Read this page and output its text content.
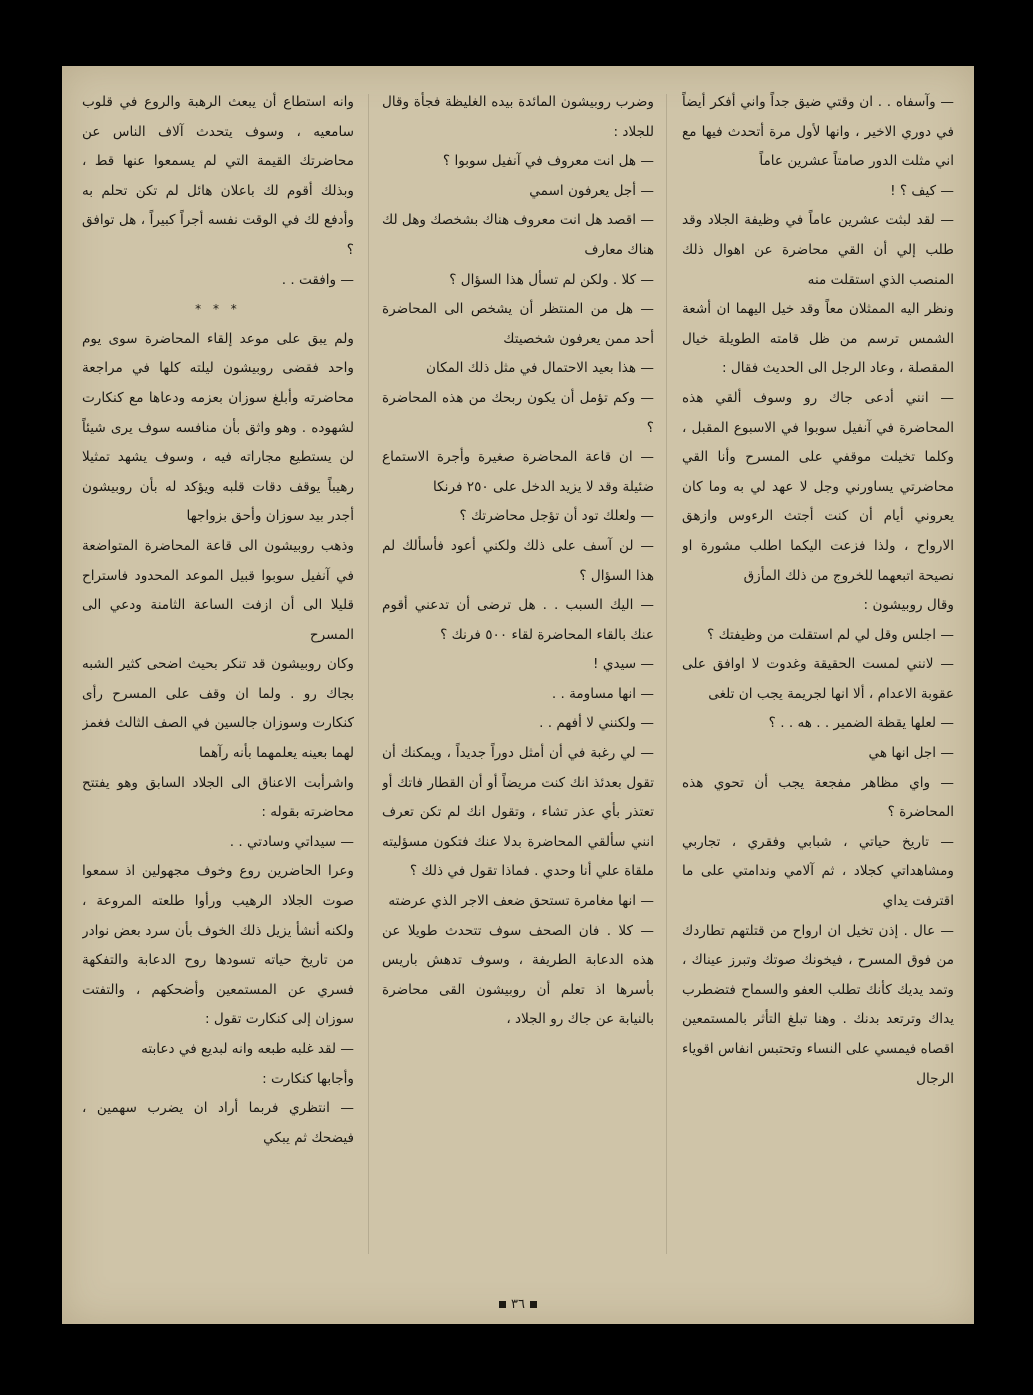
— وآسفاه . . ان وقتي ضيق جداً واني أفكر أيضاً في دوري الاخير ، وانها لأول مرة أتحدث فيها مع اني مثلت الدور صامتاً عشرين عاماً

— كيف ؟ !

— لقد لبثت عشرين عاماً في وظيفة الجلاد وقد طلب إلي أن القي محاضرة عن اهوال ذلك المنصب الذي استقلت منه

ونظر اليه الممثلان معاً وقد خيل اليهما ان أشعة الشمس ترسم من ظل قامته الطويلة خيال المقصلة ، وعاد الرجل الى الحديث فقال :

— انني أدعى جاك رو وسوف ألقي هذه المحاضرة في آنفيل سوبوا في الاسبوع المقبل ، وكلما تخيلت موقفي على المسرح وأنا القي محاضرتي يساورني وجل لا عهد لي به وما كان يعروني أيام أن كنت أجتث الرءوس وازهق الارواح ، ولذا فزعت اليكما اطلب مشورة او نصيحة اتبعهما للخروج من ذلك المأزق

وقال روبيشون :

— اجلس وقل لي لم استقلت من وظيفتك ؟

— لانني لمست الحقيقة وغدوت لا اوافق على عقوبة الاعدام ، ألا انها لجريمة يجب ان تلغى

— لعلها يقظة الضمير . . هه . . ؟

— اجل انها هي

— واي مظاهر مفجعة يجب أن تحوي هذه المحاضرة ؟

— تاريخ حياتي ، شبابي وفقري ، تجاربي ومشاهداتي كجلاد ، ثم آلامي وندامتي على ما اقترفت يداي

— عال . إذن تخيل ان ارواح من قتلتهم تطاردك من فوق المسرح ، فيخونك صوتك وتبرز عيناك ، وتمد يديك كأنك تطلب العفو والسماح فتضطرب يداك وترتعد بدنك . وهنا تبلغ التأثر بالمستمعين اقصاه فيمسي على النساء وتحتبس انفاس اقوياء الرجال

وضرب روبيشون المائدة بيده الغليظة فجأة وقال للجلاد :

— هل انت معروف في آنفيل سوبوا ؟

— أجل يعرفون اسمي

— اقصد هل انت معروف هناك بشخصك وهل لك هناك معارف

— كلا . ولكن لم تسأل هذا السؤال ؟

— هل من المنتظر أن يشخص الى المحاضرة أحد ممن يعرفون شخصيتك

— هذا بعيد الاحتمال في مثل ذلك المكان

— وكم تؤمل أن يكون ربحك من هذه المحاضرة ؟

— ان قاعة المحاضرة صغيرة وأجرة الاستماع ضئيلة وقد لا يزيد الدخل على ٢٥٠ فرنكا

— ولعلك تود أن تؤجل محاضرتك ؟

— لن آسف على ذلك ولكني أعود فأسألك لم هذا السؤال ؟

— اليك السبب . . هل ترضى أن تدعني أقوم عنك بالقاء المحاضرة لقاء ٥٠٠ فرنك ؟

— سيدي !

— انها مساومة . .

— ولكنني لا أفهم . .

— لي رغبة في أن أمثل دوراً جديداً ، ويمكنك أن تقول بعدئذ انك كنت مريضاً أو أن القطار فاتك أو تعتذر بأي عذر تشاء ، وتقول انك لم تكن تعرف انني سألقي المحاضرة بدلا عنك فتكون مسؤليته ملقاة علي أنا وحدي . فماذا تقول في ذلك ؟

— انها مغامرة تستحق ضعف الاجر الذي عرضته

— كلا . فان الصحف سوف تتحدث طويلا عن هذه الدعابة الطريفة ، وسوف تدهش باريس بأسرها اذ تعلم أن روبيشون القى محاضرة بالنيابة عن جاك رو الجلاد ،

وانه استطاع أن يبعث الرهبة والروع في قلوب سامعيه ، وسوف يتحدث آلاف الناس عن محاضرتك القيمة التي لم يسمعوا عنها قط ، وبذلك أقوم لك باعلان هائل لم تكن تحلم به وأدفع لك في الوقت نفسه أجراً كبيراً ، هل توافق ؟

— وافقت . .

* * *

ولم يبق على موعد إلقاء المحاضرة سوى يوم واحد فقضى روبيشون ليلته كلها في مراجعة محاضرته وأبلغ سوزان بعزمه ودعاها مع كنكارت لشهوده . وهو واثق بأن منافسه سوف يرى شيئاً لن يستطيع مجاراته فيه ، وسوف يشهد تمثيلا رهيباً يوقف دقات قلبه ويؤكد له بأن روبيشون أجدر بيد سوزان وأحق بزواجها

وذهب روبيشون الى قاعة المحاضرة المتواضعة في آنفيل سوبوا قبيل الموعد المحدود فاستراح قليلا الى أن ازفت الساعة الثامنة ودعي الى المسرح

وكان روبيشون قد تنكر بحيث اضحى كثير الشبه بجاك رو . ولما ان وقف على المسرح رأى كنكارت وسوزان جالسين في الصف الثالث فغمز لهما بعينه يعلمهما بأنه رآهما

واشرأبت الاعناق الى الجلاد السابق وهو يفتتح محاضرته بقوله :

— سيداتي وسادتي . .

وعرا الحاضرين روع وخوف مجهولين اذ سمعوا صوت الجلاد الرهيب ورأوا طلعته المروعة ، ولكنه أنشأ يزيل ذلك الخوف بأن سرد بعض نوادر من تاريخ حياته تسودها روح الدعابة والتفكهة فسري عن المستمعين وأضحكهم ، والتفتت سوزان إلى كنكارت تقول :

— لقد غلبه طبعه وانه لبديع في دعابته

وأجابها كنكارت :

— انتظري فربما أراد ان يضرب سهمين ، فيضحك ثم يبكي

٣٦
